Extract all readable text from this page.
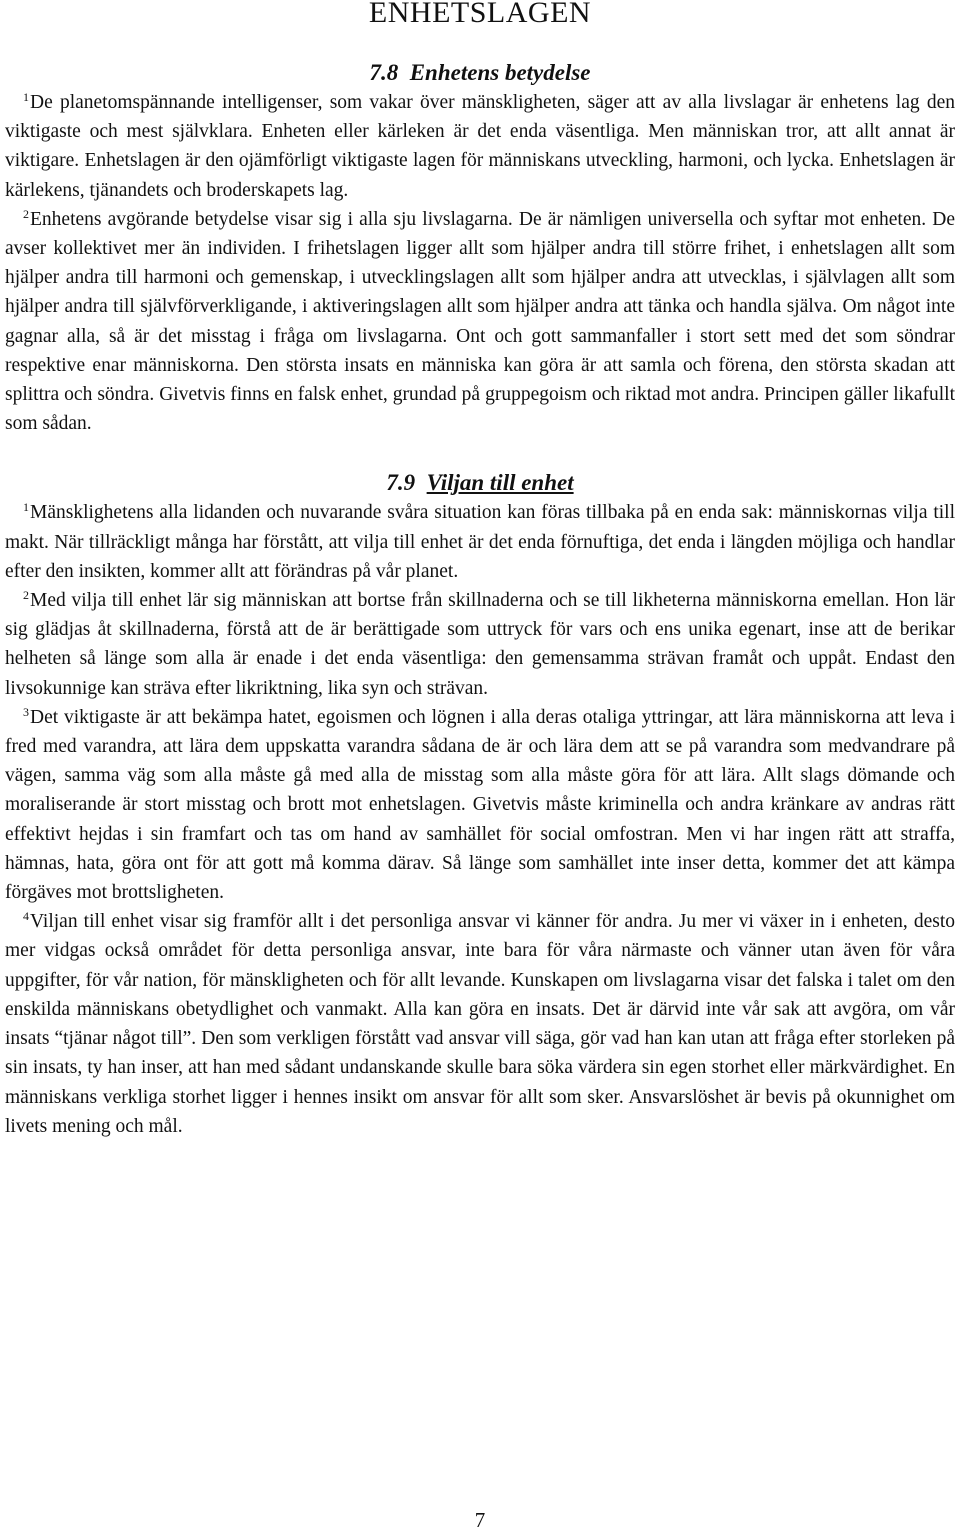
ENHETSLAGEN
7.8 Enhetens betydelse

$^1$De planetomspännande intelligenser, som vakar över mänskligheten, säger att av alla livslagar är enhetens lag den viktigaste och mest självklara. Enheten eller kärleken är det enda väsentliga. Men människan tror, att allt annat är viktigare. Enhetslagen är den ojämförligt viktigaste lagen för människans utveckling, harmoni, och lycka. Enhetslagen är kärlekens, tjänandets och broderskapets lag.

$^2$Enhetens avgörande betydelse visar sig i alla sju livslagarna. De är nämligen universella och syftar mot enheten. De avser kollektivet mer än individen. I frihetslagen ligger allt som hjälper andra till större frihet, i enhetslagen allt som hjälper andra till harmoni och gemenskap, i utvecklingslagen allt som hjälper andra att utvecklas, i självlagen allt som hjälper andra till självförverkligande, i aktiveringslagen allt som hjälper andra att tänka och handla själva. Om något inte gagnar alla, så är det misstag i fråga om livslagarna. Ont och gott sammanfaller i stort sett med det som söndrar respektive enar människorna. Den största insats en människa kan göra är att samla och förena, den största skadan att splittra och söndra. Givetvis finns en falsk enhet, grundad på gruppegoism och riktad mot andra. Principen gäller likafullt som sådan.

7.9 Viljan till enhet

$^1$Mänsklighetens alla lidanden och nuvarande svåra situation kan föras tillbaka på en enda sak: människornas vilja till makt. När tillräckligt många har förstått, att vilja till enhet är det enda förnuftiga, det enda i längden möjliga och handlar efter den insikten, kommer allt att förändras på vår planet.

$^2$Med vilja till enhet lär sig människan att bortse från skillnaderna och se till likheterna människorna emellan. Hon lär sig glädjas åt skillnaderna, förstå att de är berättigade som uttryck för vars och ens unika egenart, inse att de berikar helheten så länge som alla är enade i det enda väsentliga: den gemensamma strävan framåt och uppåt. Endast den livsokunnige kan sträva efter likriktning, lika syn och strävan.

$^3$Det viktigaste är att bekämpa hatet, egoismen och lögnen i alla deras otaliga yttringar, att lära människorna att leva i fred med varandra, att lära dem uppskatta varandra sådana de är och lära dem att se på varandra som medvandrare på vägen, samma väg som alla måste gå med alla de misstag som alla måste göra för att lära. Allt slags dömande och moraliserande är stort misstag och brott mot enhetslagen. Givetvis måste kriminella och andra kränkare av andras rätt effektivt hejdas i sin framfart och tas om hand av samhället för social omfostran. Men vi har ingen rätt att straffa, hämnas, hata, göra ont för att gott må komma därav. Så länge som samhället inte inser detta, kommer det att kämpa förgäves mot brottsligheten.

$^4$Viljan till enhet visar sig framför allt i det personliga ansvar vi känner för andra. Ju mer vi växer in i enheten, desto mer vidgas också området för detta personliga ansvar, inte bara för våra närmaste och vänner utan även för våra uppgifter, för vår nation, för mänskligheten och för allt levande. Kunskapen om livslagarna visar det falska i talet om den enskilda människans obetydlighet och vanmakt. Alla kan göra en insats. Det är därvid inte vår sak att avgöra, om vår insats “tjänar något till”. Den som verkligen förstått vad ansvar vill säga, gör vad han kan utan att fråga efter storleken på sin insats, ty han inser, att han med sådant undanskande skulle bara söka värdera sin egen storhet eller märkvärdighet. En människans verkliga storhet ligger i hennes insikt om ansvar för allt som sker. Ansvarslöshet är bevis på okunnighet om livets mening och mål.

7
